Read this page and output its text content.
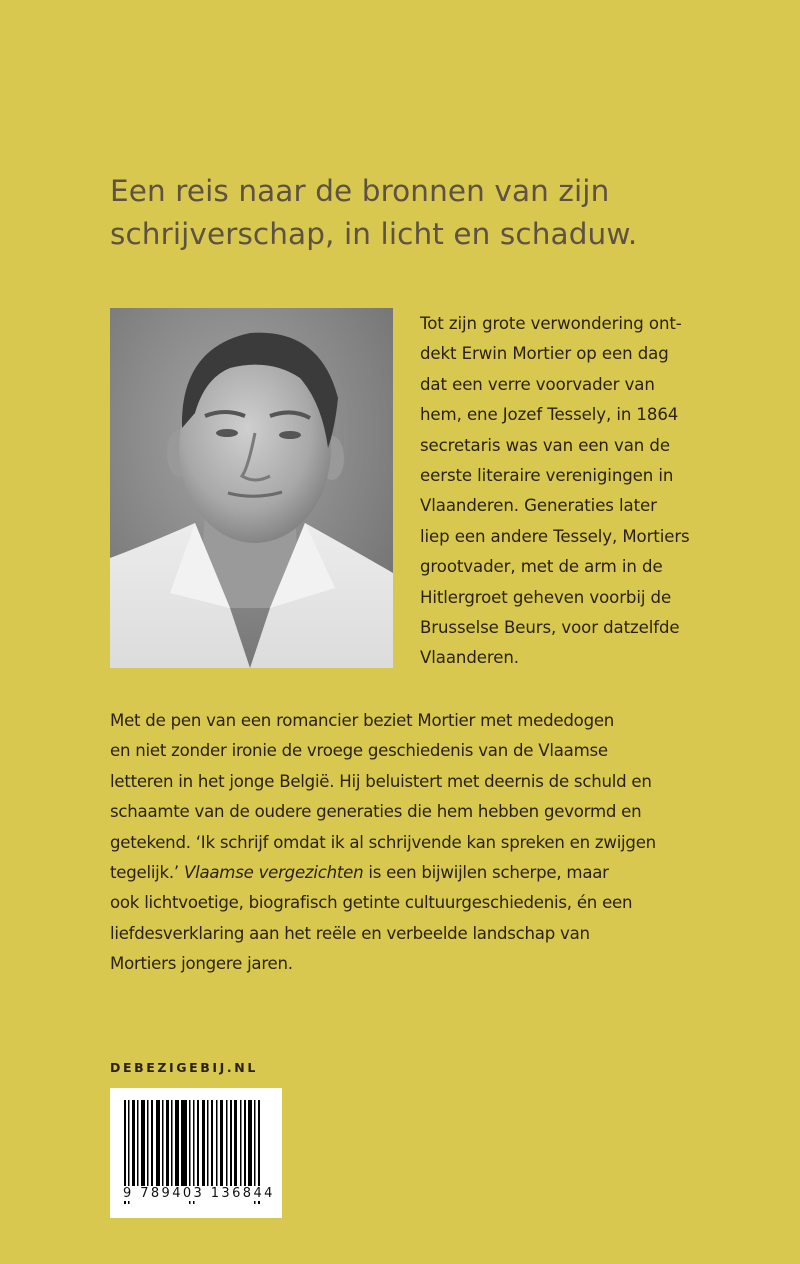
Een reis naar de bronnen van zijn
schrijverschap, in licht en schaduw.

Tot zijn grote verwondering ont-
dekt Erwin Mortier op een dag
dat een verre voorvader van
hem, ene Jozef Tessely, in 1864
secretaris was van een van de
eerste literaire verenigingen in
Vlaanderen. Generaties later
liep een andere Tessely, Mortiers
grootvader, met de arm in de
Hitlergroet geheven voorbij de
Brusselse Beurs, voor datzelfde
Vlaanderen.

Met de pen van een romancier beziet Mortier met mededogen
en niet zonder ironie de vroege geschiedenis van de Vlaamse
letteren in het jonge België. Hij beluistert met deernis de schuld en
schaamte van de oudere generaties die hem hebben gevormd en
getekend. ‘Ik schrijf omdat ik al schrijvende kan spreken en zwijgen
tegelijk.’ Vlaamse vergezichten is een bijwijlen scherpe, maar
ook lichtvoetige, biografisch getinte cultuurgeschiedenis, én een
liefdesverklaring aan het reële en verbeelde landschap van
Mortiers jongere jaren.

DEBEZIGEBIJ.NL
9 789403 136844
